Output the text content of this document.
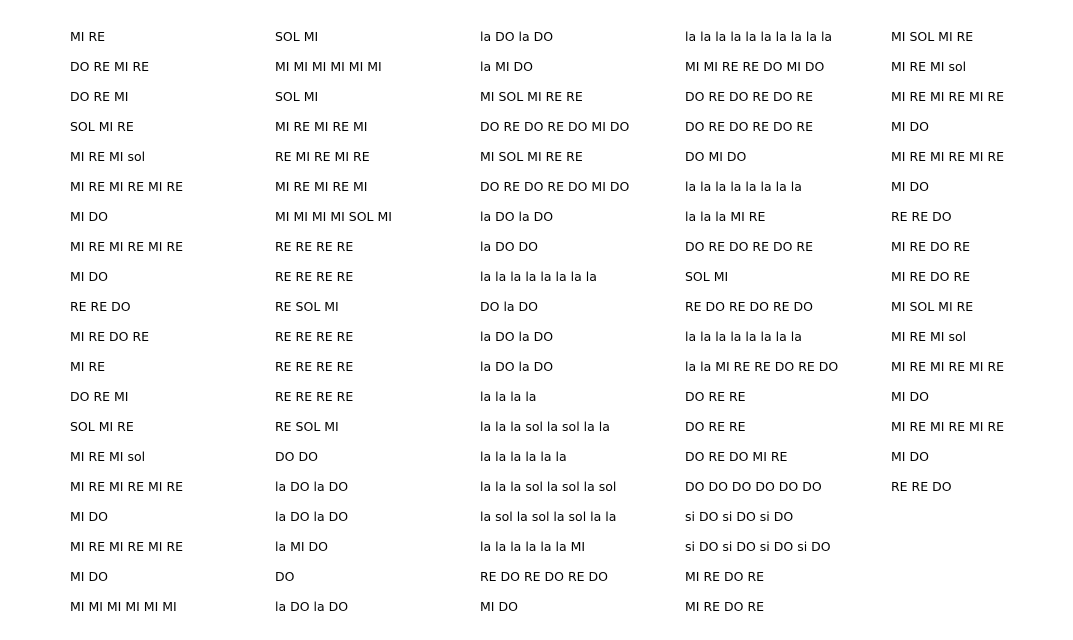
MI RE
DO RE MI RE
DO RE MI
SOL MI RE
MI RE MI sol
MI RE MI RE MI RE
MI DO
MI RE MI RE MI RE
MI DO
RE RE DO
MI RE DO RE
MI RE
DO RE MI
SOL MI RE
MI RE MI sol
MI RE MI RE MI RE
MI DO
MI RE MI RE MI RE
MI DO
MI MI MI MI MI MI
SOL MI
MI MI MI MI MI MI
SOL MI
MI RE MI RE MI
RE MI RE MI RE
MI RE MI RE MI
MI MI MI MI SOL MI
RE RE RE RE
RE RE RE RE
RE SOL MI
RE RE RE RE
RE RE RE RE
RE RE RE RE
RE SOL MI
DO DO
la DO la DO
la DO la DO
la MI DO
DO
la DO la DO
la DO la DO
la MI DO
MI SOL MI RE RE
DO RE DO RE DO MI DO
MI SOL MI RE RE
DO RE DO RE DO MI DO
la DO la DO
la DO DO
la la la la la la la la
DO la DO
la DO la DO
la DO la DO
la la la la
la la la sol la sol la la
la la la la la la
la la la sol la sol la sol
la sol la sol la sol la la
la la la la la la MI
RE DO RE DO RE DO
MI DO
la la la la la la la la la la
MI MI RE RE DO MI DO
DO RE DO RE DO RE
DO RE DO RE DO RE
DO MI DO
la la la la la la la la
la la la MI RE
DO RE DO RE DO RE
SOL MI
RE DO RE DO RE DO
la la la la la la la la
la la MI RE RE DO RE DO
DO RE RE
DO RE RE
DO RE DO MI RE
DO DO DO DO DO DO
si DO si DO si DO
si DO si DO si DO si DO
MI RE DO RE
MI RE DO RE
MI SOL MI RE
MI RE MI sol
MI RE MI RE MI RE
MI DO
MI RE MI RE MI RE
MI DO
RE RE DO
MI RE DO RE
MI RE DO RE
MI SOL MI RE
MI RE MI sol
MI RE MI RE MI RE
MI DO
MI RE MI RE MI RE
MI DO
RE RE DO
